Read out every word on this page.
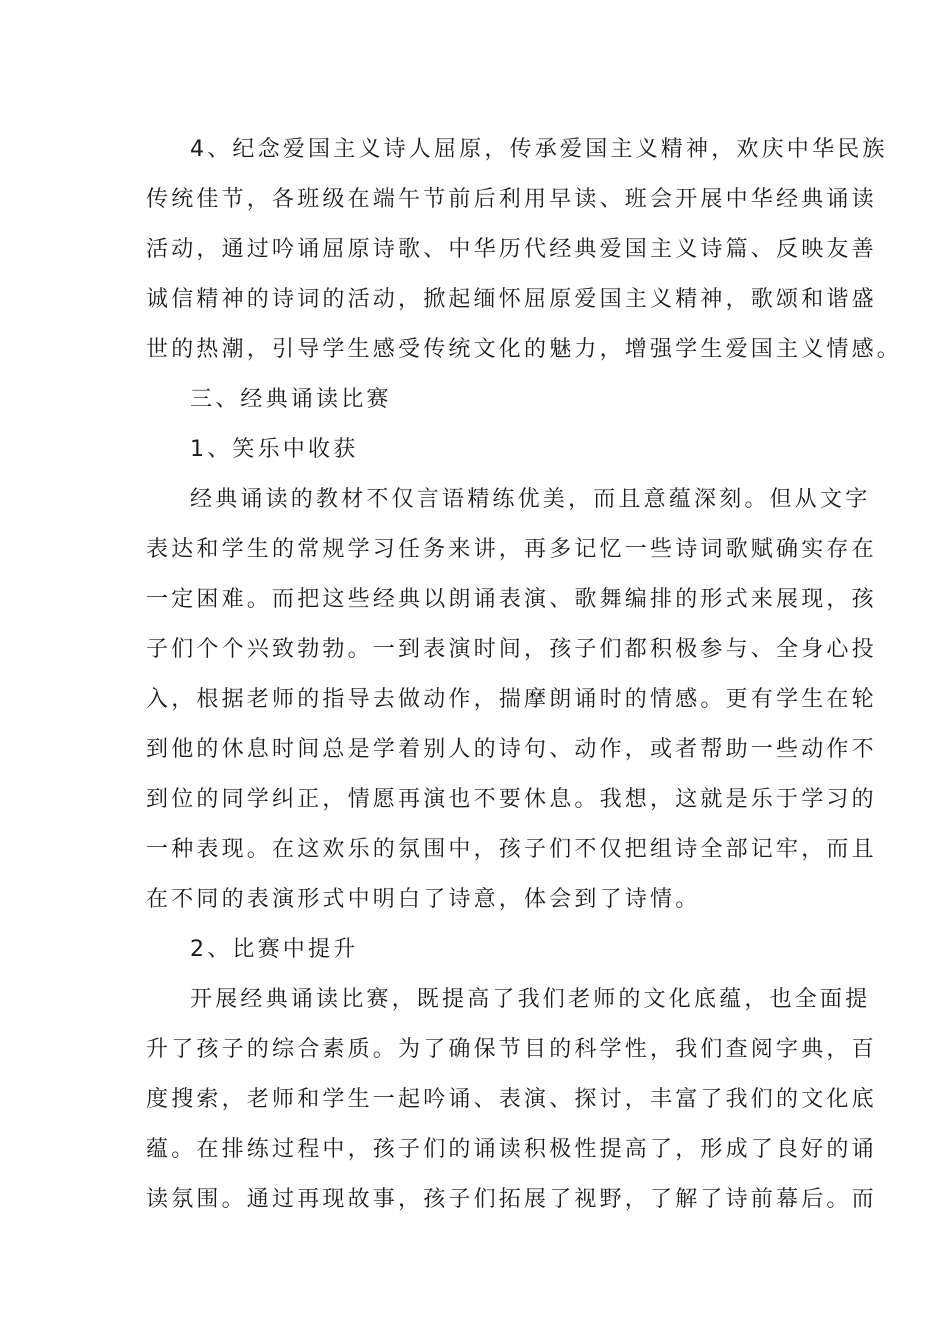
4、纪念爱国主义诗人屈原，传承爱国主义精神，欢庆中华民族

传统佳节，各班级在端午节前后利用早读、班会开展中华经典诵读

活动，通过吟诵屈原诗歌、中华历代经典爱国主义诗篇、反映友善

诚信精神的诗词的活动，掀起缅怀屈原爱国主义精神，歌颂和谐盛

世的热潮，引导学生感受传统文化的魅力，增强学生爱国主义情感。

三、经典诵读比赛

1、笑乐中收获

经典诵读的教材不仅言语精练优美，而且意蕴深刻。但从文字

表达和学生的常规学习任务来讲，再多记忆一些诗词歌赋确实存在

一定困难。而把这些经典以朗诵表演、歌舞编排的形式来展现，孩

子们个个兴致勃勃。一到表演时间，孩子们都积极参与、全身心投

入，根据老师的指导去做动作，揣摩朗诵时的情感。更有学生在轮

到他的休息时间总是学着别人的诗句、动作，或者帮助一些动作不

到位的同学纠正，情愿再演也不要休息。我想，这就是乐于学习的

一种表现。在这欢乐的氛围中，孩子们不仅把组诗全部记牢，而且

在不同的表演形式中明白了诗意，体会到了诗情。

2、比赛中提升

开展经典诵读比赛，既提高了我们老师的文化底蕴，也全面提

升了孩子的综合素质。为了确保节目的科学性，我们查阅字典，百

度搜索，老师和学生一起吟诵、表演、探讨，丰富了我们的文化底

蕴。在排练过程中，孩子们的诵读积极性提高了，形成了良好的诵

读氛围。通过再现故事，孩子们拓展了视野，了解了诗前幕后。而
